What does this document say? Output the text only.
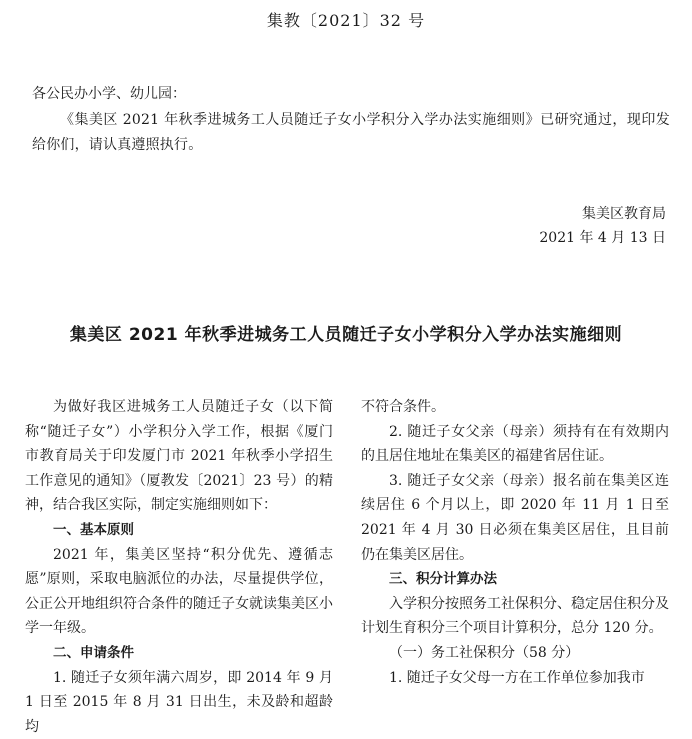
集教〔2021〕32 号
各公民办小学、幼儿园：
《集美区 2021 年秋季进城务工人员随迁子女小学积分入学办法实施细则》已研究通过，现印发给你们，请认真遵照执行。
集美区教育局
2021 年 4 月 13 日
集美区 2021 年秋季进城务工人员随迁子女小学积分入学办法实施细则

为做好我区进城务工人员随迁子女（以下简称“随迁子女”）小学积分入学工作，根据《厦门市教育局关于印发厦门市 2021 年秋季小学招生工作意见的通知》（厦教发〔2021〕23 号）的精神，结合我区实际，制定实施细则如下：

一、基本原则

2021 年，集美区坚持“积分优先、遵循志愿”原则，采取电脑派位的办法，尽量提供学位，公正公开地组织符合条件的随迁子女就读集美区小学一年级。

二、申请条件

1. 随迁子女须年满六周岁，即 2014 年 9 月 1 日至 2015 年 8 月 31 日出生，未及龄和超龄均

不符合条件。

2. 随迁子女父亲（母亲）须持有在有效期内的且居住地址在集美区的福建省居住证。

3. 随迁子女父亲（母亲）报名前在集美区连续居住 6 个月以上，即 2020 年 11 月 1 日至 2021 年 4 月 30 日必须在集美区居住，且目前仍在集美区居住。

三、积分计算办法

入学积分按照务工社保积分、稳定居住积分及计划生育积分三个项目计算积分，总分 120 分。

（一）务工社保积分（58 分）

1. 随迁子女父母一方在工作单位参加我市
